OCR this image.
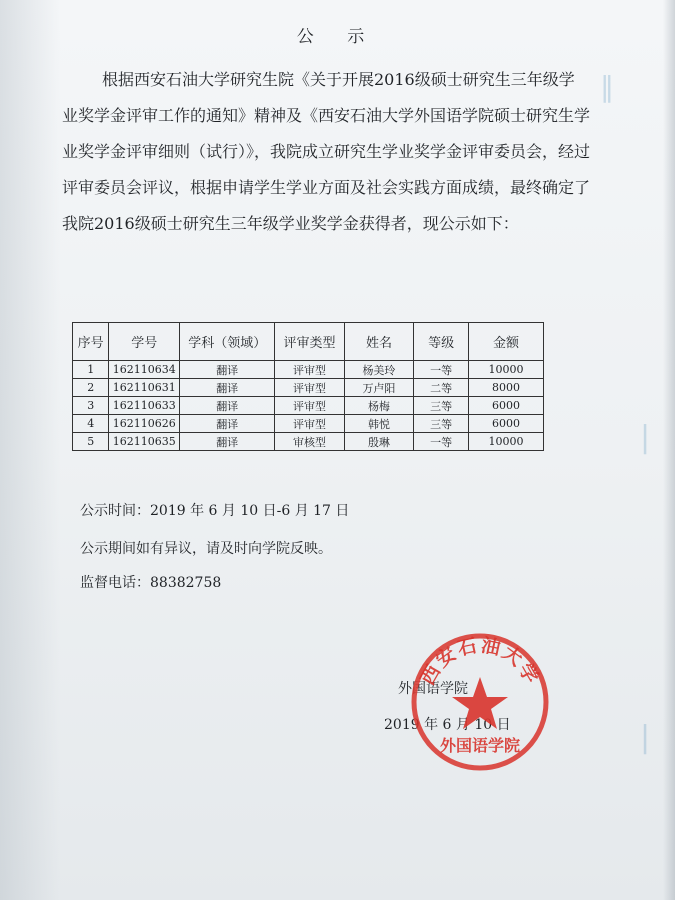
‖
|
|
公 示

根据西安石油大学研究生院《关于开展2016级硕士研究生三年级学业奖学金评审工作的通知》精神及《西安石油大学外国语学院硕士研究生学业奖学金评审细则（试行）》，我院成立研究生学业奖学金评审委员会，经过评审委员会评议，根据申请学生学业方面及社会实践方面成绩，最终确定了我院2016级硕士研究生三年级学业奖学金获得者，现公示如下：

序号	学号	学科（领域）	评审类型	姓名	等级	金额
1	162110634	翻译	评审型	杨美玲	一等	10000
2	162110631	翻译	评审型	万卢阳	二等	8000
3	162110633	翻译	评审型	杨梅	三等	6000
4	162110626	翻译	评审型	韩悦	三等	6000
5	162110635	翻译	审核型	殷琳	一等	10000
公示时间：2019 年 6 月 10 日-6 月 17 日
公示期间如有异议，请及时向学院反映。
监督电话：88382758
外国语学院
2019 年 6 月 10 日
西安石油大学
外国语学院
